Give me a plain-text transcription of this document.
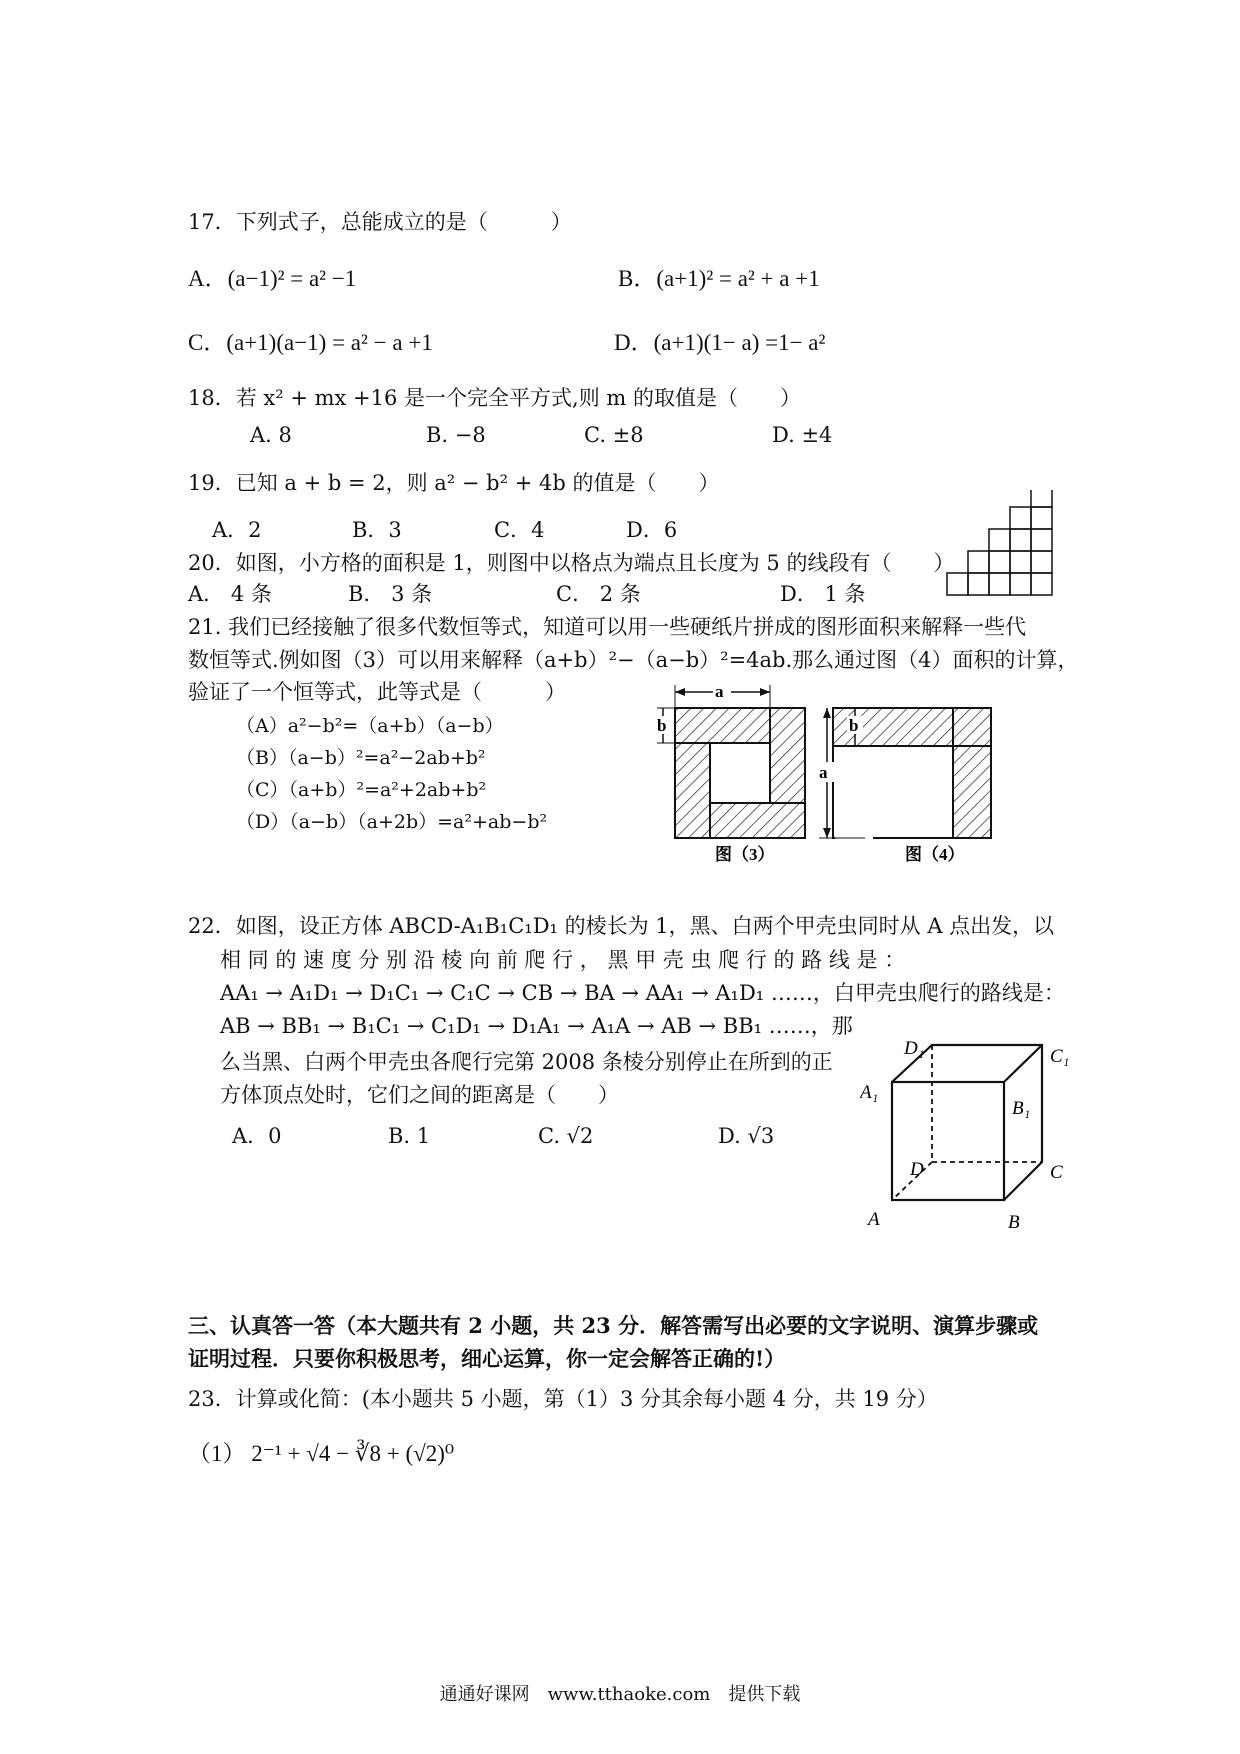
17．下列式子，总能成立的是（　　　）
A．(a−1)² = a² −1	B．(a+1)² = a² + a +1
C．(a+1)(a−1) = a² − a +1	D．(a+1)(1− a) =1− a²
18．若 x² + mx +16 是一个完全平方式,则 m 的取值是（　　）
A. 8	B. −8	C. ±8	D. ±4
19．已知 a + b = 2，则 a² − b² + 4b 的值是（　　）
A．2	B．3	C．4	D．6
20．如图，小方格的面积是 1，则图中以格点为端点且长度为 5 的线段有（　　）
A． 4 条	B． 3 条	C． 2 条	D． 1 条
21. 我们已经接触了很多代数恒等式，知道可以用一些硬纸片拼成的图形面积来解释一些代
数恒等式.例如图（3）可以用来解释（a+b）²−（a−b）²=4ab.那么通过图（4）面积的计算，
验证了一个恒等式，此等式是（　　　）
（A）a²−b²=（a+b）（a−b）
（B）（a−b）²=a²−2ab+b²
（C）（a+b）²=a²+2ab+b²
（D）（a−b）（a+2b）=a²+ab−b²
a
b
a
b
图（3）	图（4）
22．如图，设正方体 ABCD-A₁B₁C₁D₁ 的棱长为 1，黑、白两个甲壳虫同时从 A 点出发，以
相 同 的 速 度 分 别 沿 棱 向 前 爬 行 ， 黑 甲 壳 虫 爬 行 的 路 线 是 ：
AA₁ → A₁D₁ → D₁C₁ → C₁C → CB → BA → AA₁ → A₁D₁ ……，白甲壳虫爬行的路线是：
AB → BB₁ → B₁C₁ → C₁D₁ → D₁A₁ → A₁A → AB → BB₁ ……，那
么当黑、白两个甲壳虫各爬行完第 2008 条棱分别停止在所到的正
方体顶点处时，它们之间的距离是（　　）
A．0	B. 1	C. √2	D. √3
A	B
C
D
A₁
B₁
C₁
D₁
三、认真答一答（本大题共有 2 小题，共 23 分．解答需写出必要的文字说明、演算步骤或
证明过程．只要你积极思考，细心运算，你一定会解答正确的!）
23．计算或化简：(本小题共 5 小题，第（1）3 分其余每小题 4 分，共 19 分）
（1） 2⁻¹ + √4 − ∛8 + (√2)⁰
通通好课网　www.tthaoke.com　提供下载
